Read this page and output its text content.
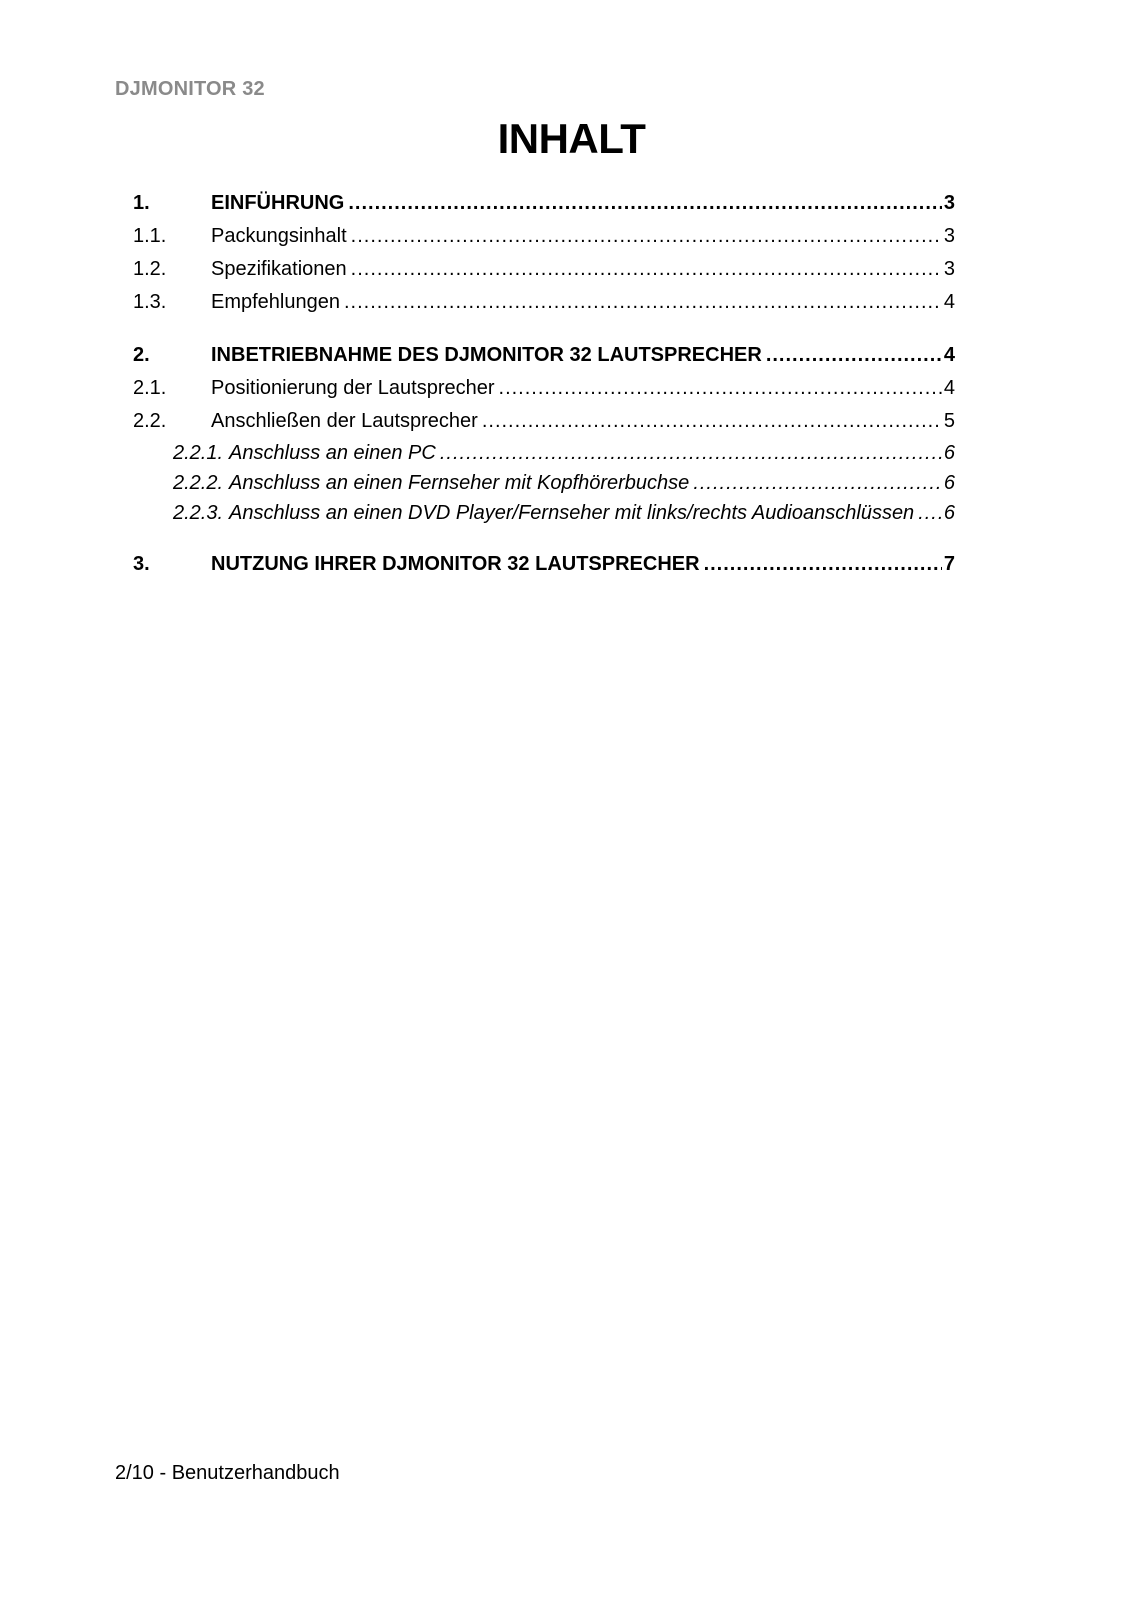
DJMONITOR 32
INHALT
1.	EINFÜHRUNG .....	3
1.1.	Packungsinhalt .....	3
1.2.	Spezifikationen .....	3
1.3.	Empfehlungen .....	4
2.	INBETRIEBNAHME DES DJMONITOR 32 LAUTSPRECHER .....	4
2.1.	Positionierung der Lautsprecher .....	4
2.2.	Anschließen der Lautsprecher .....	5
2.2.1. Anschluss an einen PC .....	6
2.2.2. Anschluss an einen Fernseher mit Kopfhörerbuchse .....	6
2.2.3. Anschluss an einen DVD Player/Fernseher mit links/rechts Audioanschlüssen ..... 6
3.	NUTZUNG IHRER DJMONITOR 32 LAUTSPRECHER .....	7
2/10 - Benutzerhandbuch
